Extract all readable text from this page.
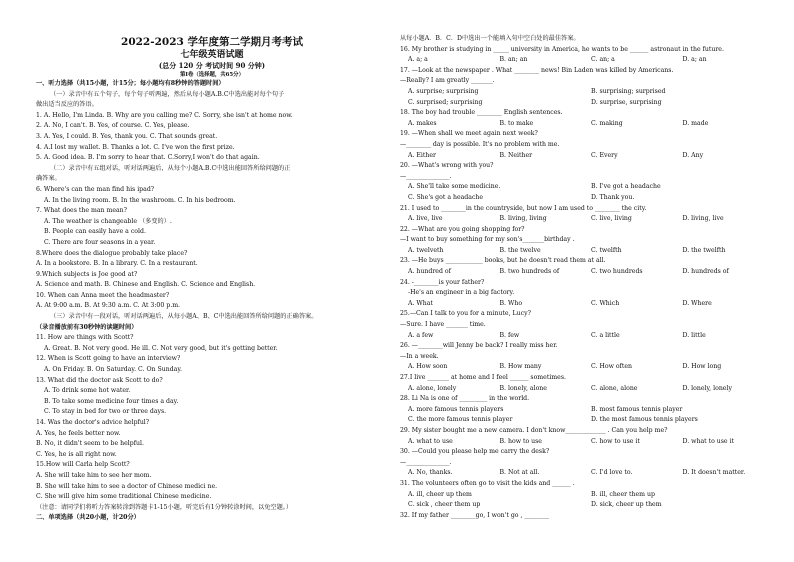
2022-2023 学年度第二学期月考考试
七年级英语试题
(总分 120 分 考试时间 90 分钟)
第I卷（选择题，共65分）
一、听力选择（共15小题，计15分；每小题均有8秒钟的答题时间）
（一）录音中有五个句子，每个句子听两遍，然后从每小题A.B.C中选出能对每个句子
做出适当反应的答语。
1. A. Hello, I'm Linda. B. Why are you calling me? C. Sorry, she isn't at home now.
2. A. No, I can't. B. Yes, of course. C. Yes, please.
3. A. Yes, I could. B. Yes, thank you. C. That sounds great.
4. A.I lost my wallet. B. Thanks a lot. C. I've won the first prize.
5. A. Good idea. B. I'm sorry to hear that. C.Sorry,I won't do that again.
（二）录音中有五组对话，听对话两遍后，从每个小题A.B.C中选出能回答所给问题的正
确答案。
6. Where's can the man find his ipad?
A. In the living room. B. In the washroom. C. In his bedroom.
7. What does the man mean?
A. The weather is changeable （多变的）.
B. People can easily have a cold.
C. There are four seasons in a year.
8.Where does the dialogue probably take place?
A. In a bookstore. B. In a library. C. In a restaurant.
9.Which subjects is Joe good at?
A. Science and math. B. Chinese and English. C. Science and English.
10. When can Anna meet the headmaster?
A. At 9:00 a.m. B. At 9:30 a.m. C. At 3:00 p.m.
（三）录音中有一段对话，听对话两遍后，从每小题A、B、C中选出能回答所给问题的正确答案。
（录音播放前有30秒钟的读题时间）
11. How are things with Scott?
A. Great. B. Not very good. He ill. C. Not very good, but it's getting better.
12. When is Scott going to have an interview?
A. On Friday. B. On Saturday. C. On Sunday.
13. What did the doctor ask Scott to do?
A. To drink some hot water.
B. To take some medicine four times a day.
C. To stay in bed for two or three days.
14. Was the doctor's advice helpful?
A. Yes, he feels better now.
B. No, it didn't seem to be helpful.
C. Yes, he is all right now.
15.How will Carla help Scott?
A. She will take him to see her mom.
B. She will take him to see a doctor of Chinese medici ne.
C. She will give him some traditional Chinese medicine.
（注意：请同学们将听力答案转涂到答题卡1-15小题，听完后有1分钟转涂时间，以免空题。）
二、单项选择（共20小题，计20分）
从每小题A．B．C．D中选出一个能填入句中空白处的最佳答案。
16. My brother is studying in _____ university in America, he wants to be ______ astronaut in the future.
A. a; a	B. an; an	C. an; a	D. a; an
17. —Look at the newspaper . What ________ news! Bin Laden was killed by Americans.
—Really? I am greatly _______.
A. surprise; surprising	B. surprising; surprised
C. surprised; surprising	D. surprise, surprising
18. The boy had trouble ________ English sentences.
A. makes	B. to make	C. making	D. made
19. —When shall we meet again next week?
—________ day is possible. It's no problem with me.
A. Either	B. Neither	C. Every	D. Any
20. —What's wrong with you?
—______________.
A. She'll take some medicine.	B. I've got a headache
C. She's got a headache	D. Thank you.
21. I used to ________in the countryside, but now I am used to ________ the city.
A. live, live	B. living, living	C. live, living	D. living, live
22. —What are you going shopping for?
—I want to buy something for my son's_______birthday .
A. twelveth	B. the twelve	C. twelfth	D. the twelfth
23. —He buys ____________ books, but he doesn't read them at all.
A. hundred of	B. two hundreds of	C. two hundreds	D. hundreds of
24. -________is your father?
-He's an engineer in a big factory.
A. What	B. Who	C. Which	D. Where
25.—Can I talk to you for a minute, Lucy?
—Sure. I have _______ time.
A. a few	B. few	C. a little	D. little
26. —________will Jenny be back? I really miss her.
—In a week.
A. How soon	B. How many	C. How often	D. How long
27.I live _______ at home and I feel ______ sometimes.
A. alone, lonely	B. lonely, alone	C. alone, alone	D. lonely, lonely
28. Li Na is one of _________ in the world.
A. more famous tennis players	B. most famous tennis player
C. the more famous tennis player	D. the most famous tennis players
29. My sister bought me a new camera. I don't know_____________ . Can you help me?
A. what to use	B. how to use	C. how to use it	D. what to use it
30. —Could you please help me carry the desk?
—______________.
A. No, thanks.	B. Not at all.	C. I'd love to.	D. It doesn't matter.
31. The volunteers often go to visit the kids and ______ .
A. ill, cheer up them	B. ill, cheer them up
C. sick , cheer them up	D. sick, cheer up them
32. If my father ________go, I won't go , ________
